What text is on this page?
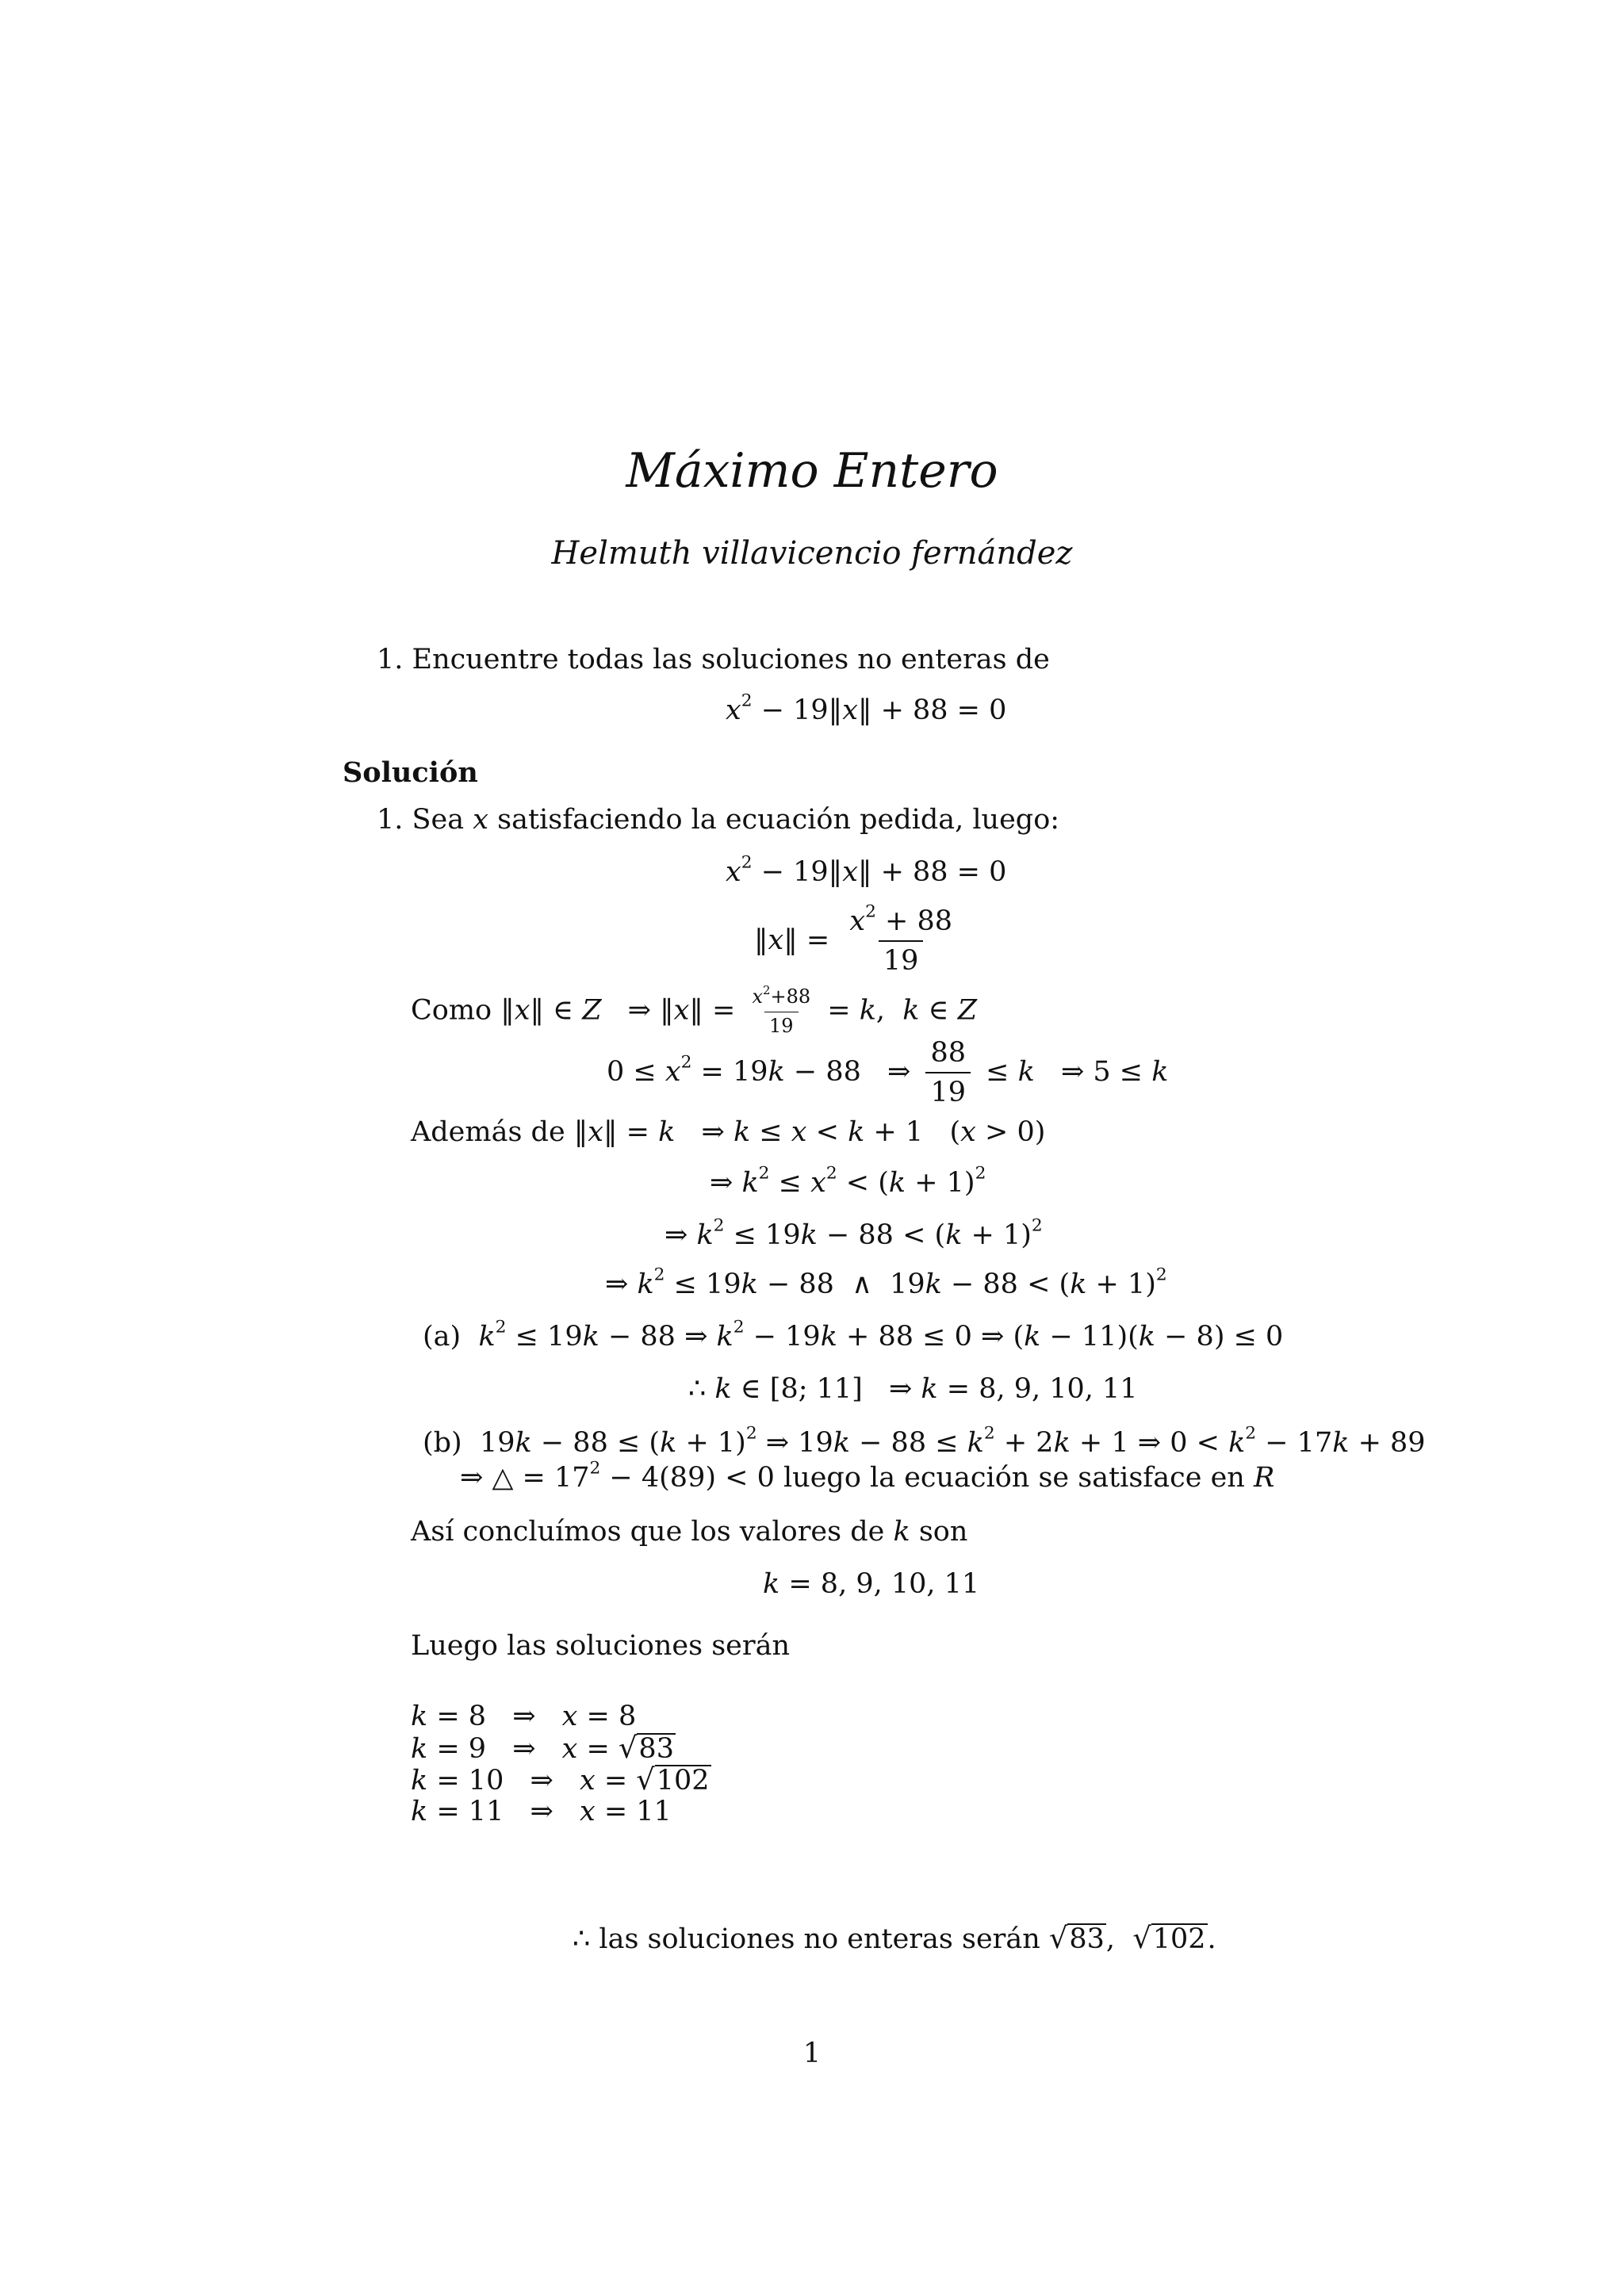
Máximo Entero
Helmuth villavicencio fernández
1. Encuentre todas las soluciones no enteras de
$x^2$ − 19‖x‖ + 88 = 0
Solución
1. Sea x satisfaciendo la ecuación pedida, luego:
$x^2$ − 19‖x‖ + 88 = 0
‖x‖ = $\frac{x^2 + 88}{19}$
Como ‖x‖ ∈ Z ⇒ ‖x‖ = $\frac{x^2+88}{19} = k$,  k ∈ Z
$0 \le x^2 = 19k - 88$ ⇒ $\frac{88}{19} \le k$ ⇒ 5 ≤ k
Además de ‖x‖ = k ⇒ k ≤ x < k + 1   (x > 0)
⇒ $k^2 \le x^2 < (k + 1)^2$
⇒ $k^2 \le 19k - 88 < (k + 1)^2$
⇒ $k^2 \le 19k - 88$  ∧  $19k - 88 < (k + 1)^2$
(a) $k^2 \le 19k - 88$ ⇒ $k^2 - 19k + 88 \le 0$ ⇒ (k − 11)(k − 8) ≤ 0
∴ k ∈ [8; 11] ⇒ k = 8, 9, 10, 11
(b)  $19k - 88 \le (k + 1)^2$ ⇒ $19k - 88 \le k^2 + 2k + 1$ ⇒ $0 < k^2 - 17k + 89$
⇒ △ = $17^2 - 4(89) < 0$ luego la ecuación se satisface en R
Así concluímos que los valores de k son
k = 8, 9, 10, 11
Luego las soluciones serán
k = 8 ⇒ x = 8
k = 9 ⇒ x = √83
k = 10 ⇒ x = √102
k = 11 ⇒ x = 11
∴ las soluciones no enteras serán √83,  √102.
1
